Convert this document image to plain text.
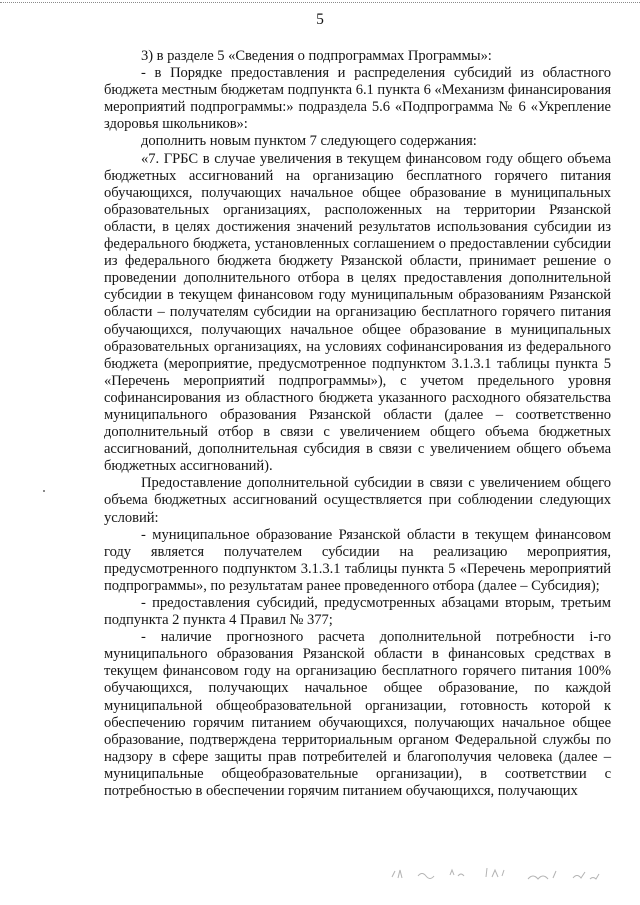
5

3) в разделе 5 «Сведения о подпрограммах Программы»:

- в Порядке предоставления и распределения субсидий из областного бюджета местным бюджетам подпункта 6.1 пункта 6 «Механизм финансирования мероприятий подпрограммы:» подраздела 5.6 «Подпрограмма № 6 «Укрепление здоровья школьников»:

дополнить новым пунктом 7 следующего содержания:

«7. ГРБС в случае увеличения в текущем финансовом году общего объема бюджетных ассигнований на организацию бесплатного горячего питания обучающихся, получающих начальное общее образование в муниципальных образовательных организациях, расположенных на территории Рязанской области, в целях достижения значений результатов использования субсидии из федерального бюджета, установленных соглашением о предоставлении субсидии из федерального бюджета бюджету Рязанской области, принимает решение о проведении дополнительного отбора в целях предоставления дополнительной субсидии в текущем финансовом году муниципальным образованиям Рязанской области – получателям субсидии на организацию бесплатного горячего питания обучающихся, получающих начальное общее образование в муниципальных образовательных организациях, на условиях софинансирования из федерального бюджета (мероприятие, предусмотренное подпунктом 3.1.3.1 таблицы пункта 5 «Перечень мероприятий подпрограммы»), с учетом предельного уровня софинансирования из областного бюджета указанного расходного обязательства муниципального образования Рязанской области (далее – соответственно дополнительный отбор в связи с увеличением общего объема бюджетных ассигнований, дополнительная субсидия в связи с увеличением общего объема бюджетных ассигнований).

Предоставление дополнительной субсидии в связи с увеличением общего объема бюджетных ассигнований осуществляется при соблюдении следующих условий:

- муниципальное образование Рязанской области в текущем финансовом году является получателем субсидии на реализацию мероприятия, предусмотренного подпунктом 3.1.3.1 таблицы пункта 5 «Перечень мероприятий подпрограммы», по результатам ранее проведенного отбора (далее – Субсидия);

- предоставления субсидий, предусмотренных абзацами вторым, третьим подпункта 2 пункта 4 Правил № 377;

- наличие прогнозного расчета дополнительной потребности i-го муниципального образования Рязанской области в финансовых средствах в текущем финансовом году на организацию бесплатного горячего питания 100% обучающихся, получающих начальное общее образование, по каждой муниципальной общеобразовательной организации, готовность которой к обеспечению горячим питанием обучающихся, получающих начальное общее образование, подтверждена территориальным органом Федеральной службы по надзору в сфере защиты прав потребителей и благополучия человека (далее – муниципальные общеобразовательные организации), в соответствии с потребностью в обеспечении горячим питанием обучающихся, получающих
